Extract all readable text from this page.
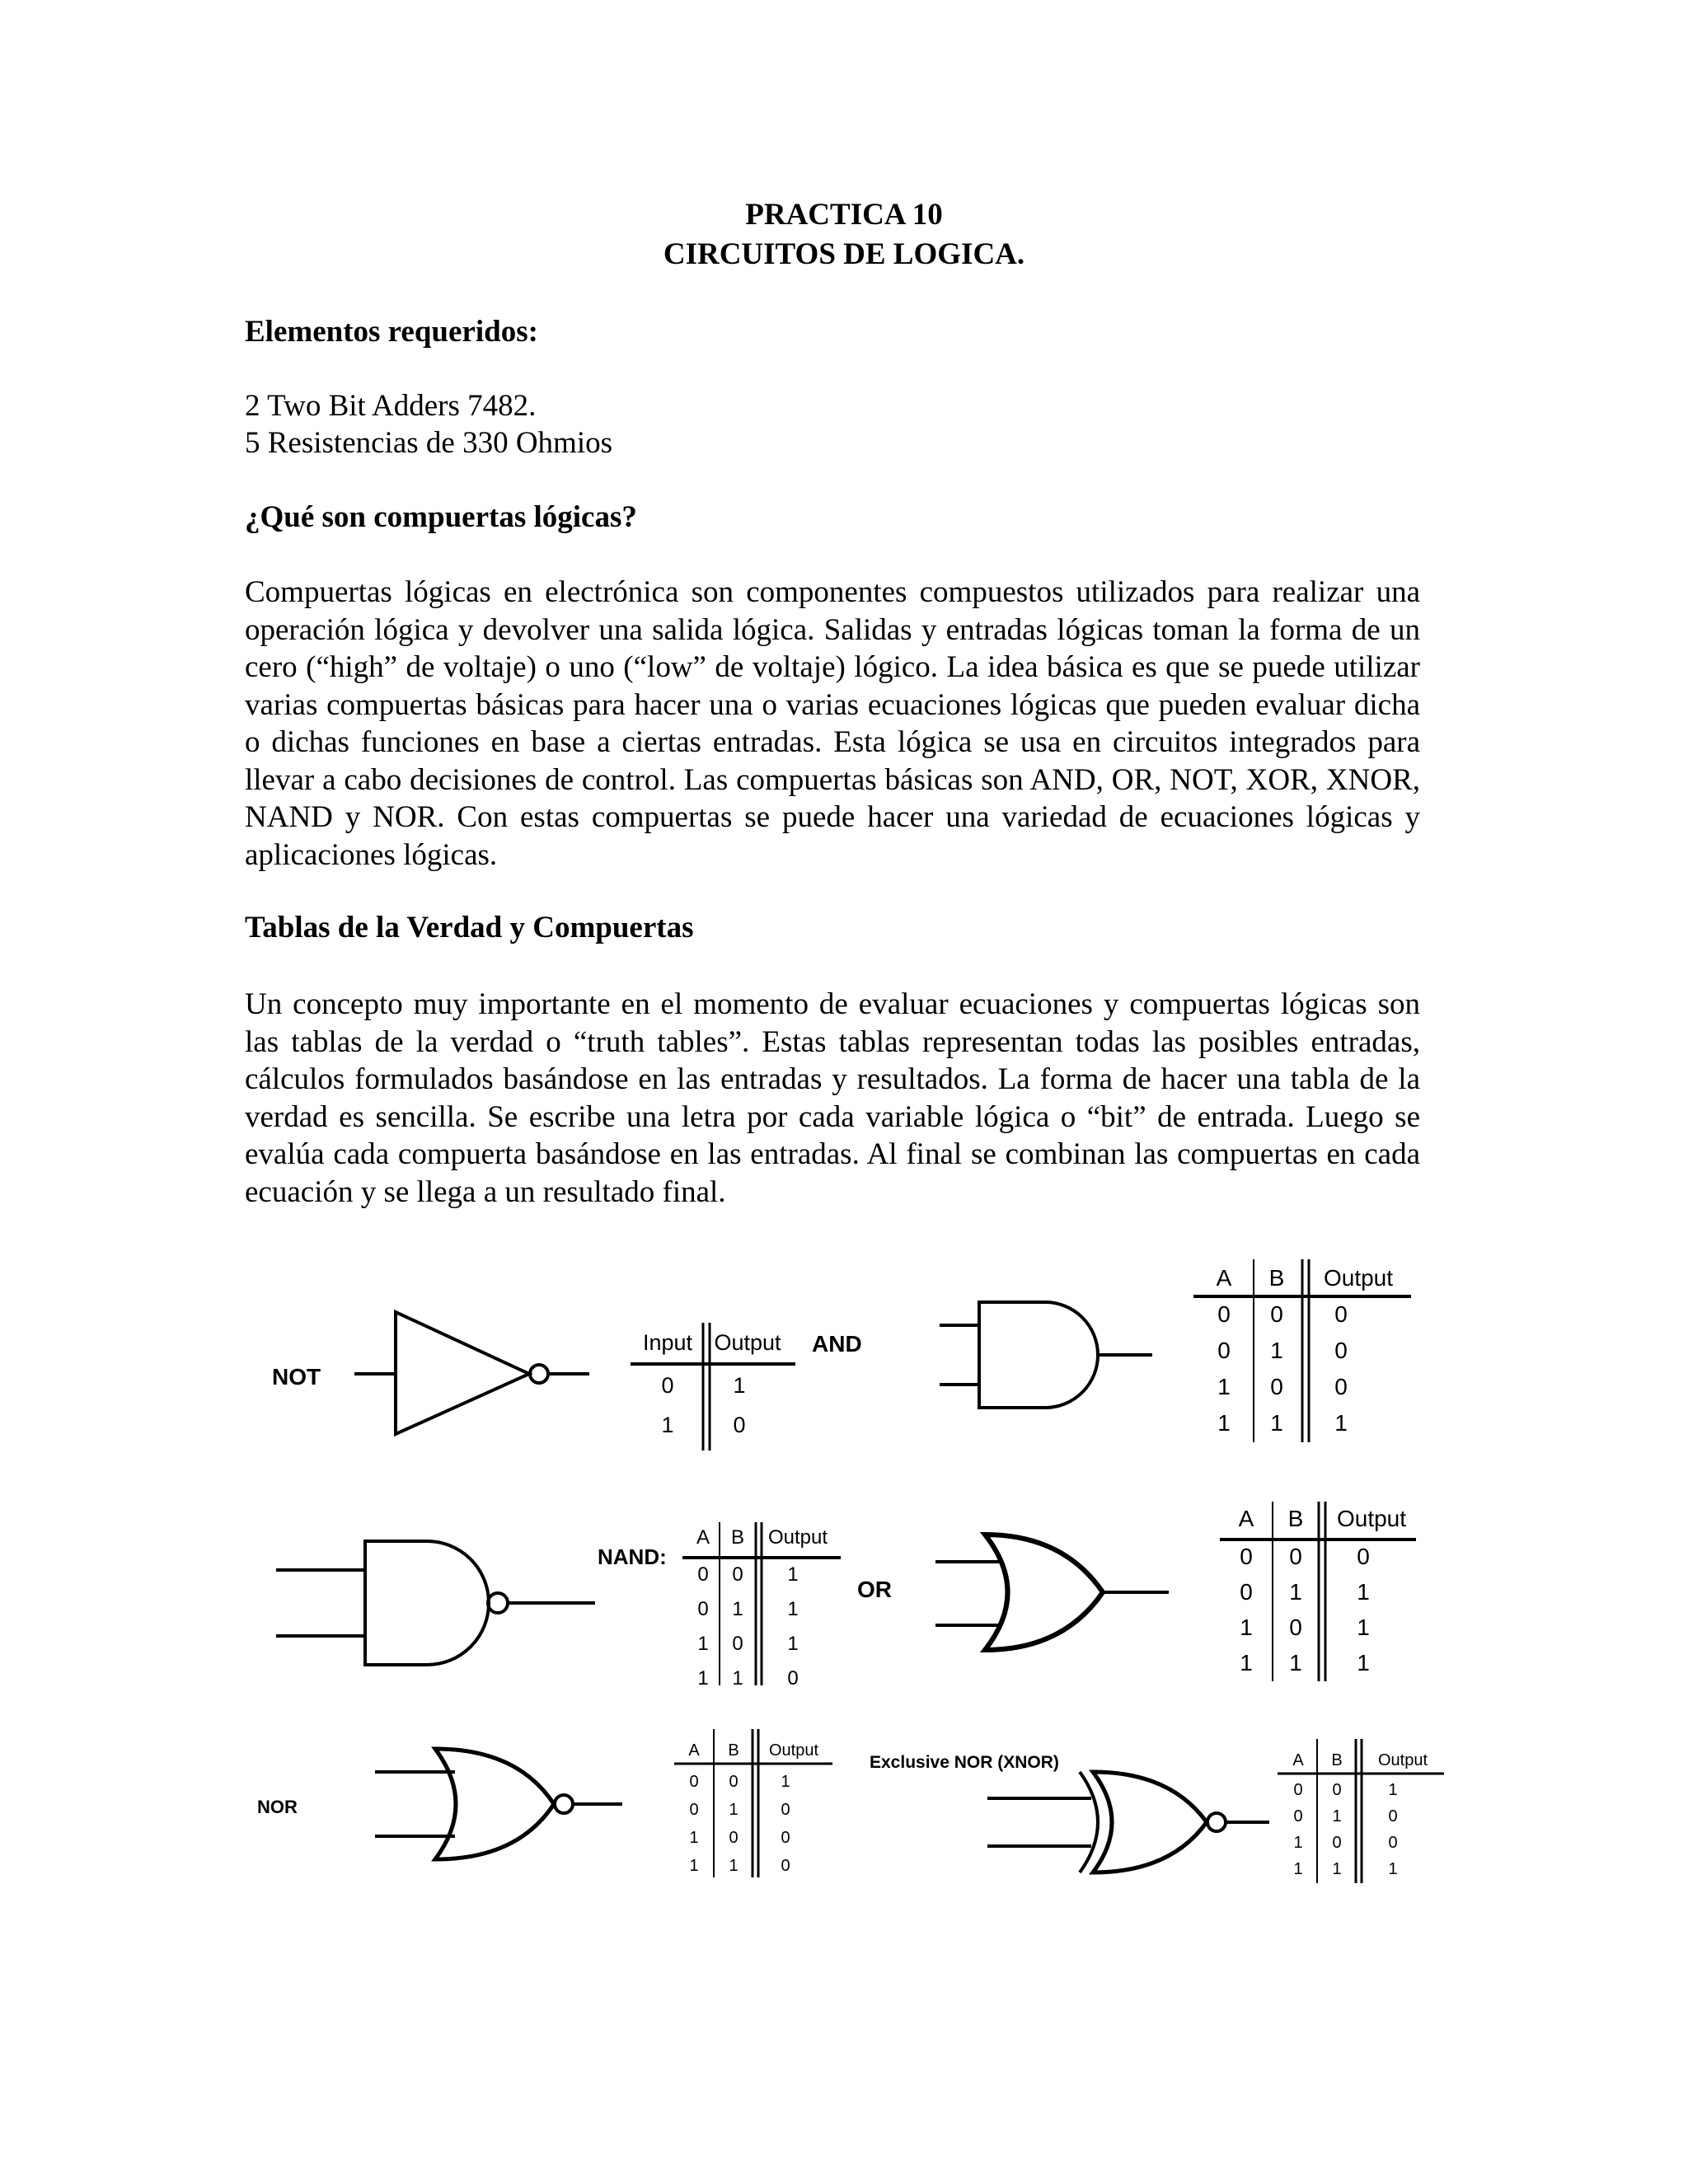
PRACTICA 10
CIRCUITOS DE LOGICA.
Elementos requeridos:
2 Two Bit Adders 7482.
5 Resistencias de 330 Ohmios
¿Qué son compuertas lógicas?
Compuertas lógicas en electrónica son componentes compuestos utilizados para realizar una operación lógica y devolver una salida lógica. Salidas y entradas lógicas toman la forma de un cero (“high” de voltaje) o uno (“low” de voltaje) lógico. La idea básica es que se puede utilizar varias compuertas básicas para hacer una o varias ecuaciones lógicas que pueden evaluar dicha o dichas funciones en base a ciertas entradas. Esta lógica se usa en circuitos integrados para llevar a cabo decisiones de control. Las compuertas básicas son AND, OR, NOT, XOR, XNOR, NAND y NOR. Con estas compuertas se puede hacer una variedad de ecuaciones lógicas y aplicaciones lógicas.
Tablas de la Verdad y Compuertas
Un concepto muy importante en el momento de evaluar ecuaciones y compuertas lógicas son las tablas de la verdad o “truth tables”. Estas tablas representan todas las posibles entradas, cálculos formulados basándose en las entradas y resultados. La forma de hacer una tabla de la verdad es sencilla. Se escribe una letra por cada variable lógica o “bit” de entrada. Luego se evalúa cada compuerta basándose en las entradas. Al final se combinan las compuertas en cada ecuación y se llega a un resultado final.
NOT
AND
NAND:
OR
NOR
Exclusive NOR (XNOR)
Input Output
0	1
1	0
A B Output
0 0 0
0 1 0
1 0 0
1 1 1
A B Output
0 0 1
0 1 1
1 0 1
1 1 0
A B Output
0 0 0
0 1 1
1 0 1
1 1 1
A B Output
0 0	1
0 1	0
1 0	0
1 1	0
A B Output
0 0	1
0 1	0
1 0	0
1 1	1
